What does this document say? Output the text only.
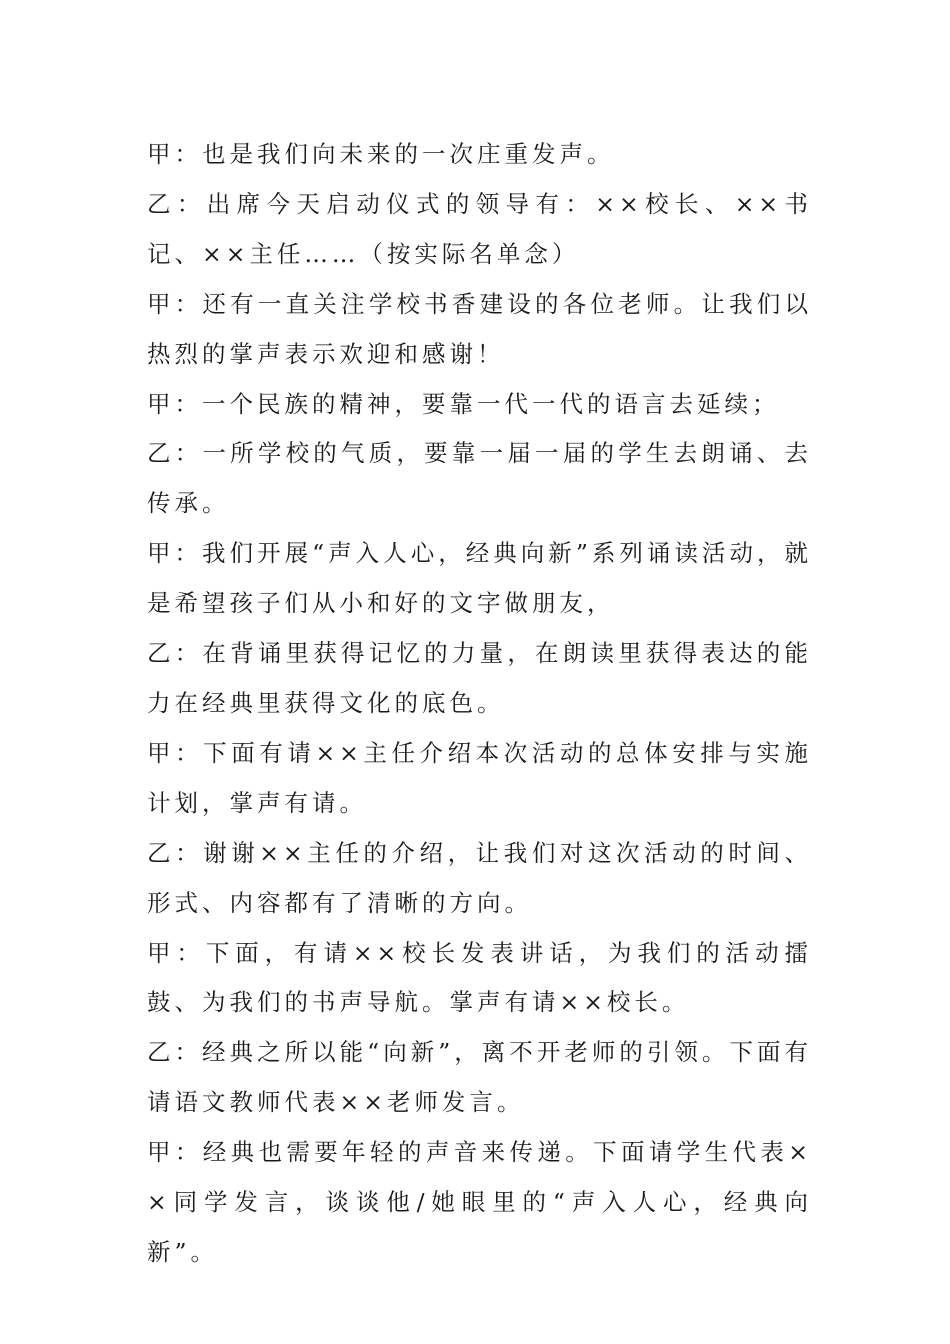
甲：也是我们向未来的一次庄重发声。

乙：出席今天启动仪式的领导有：××校长、××书记、××主任……（按实际名单念）

甲：还有一直关注学校书香建设的各位老师。让我们以热烈的掌声表示欢迎和感谢！

甲：一个民族的精神，要靠一代一代的语言去延续；

乙：一所学校的气质，要靠一届一届的学生去朗诵、去传承。

甲：我们开展“声入人心，经典向新”系列诵读活动，就是希望孩子们从小和好的文字做朋友，

乙：在背诵里获得记忆的力量，在朗读里获得表达的能力在经典里获得文化的底色。

甲：下面有请××主任介绍本次活动的总体安排与实施计划，掌声有请。

乙：谢谢××主任的介绍，让我们对这次活动的时间、形式、内容都有了清晰的方向。

甲：下面，有请××校长发表讲话，为我们的活动擂鼓、为我们的书声导航。掌声有请××校长。

乙：经典之所以能“向新”，离不开老师的引领。下面有请语文教师代表××老师发言。

甲：经典也需要年轻的声音来传递。下面请学生代表××同学发言，谈谈他/她眼里的“声入人心，经典向新”。
